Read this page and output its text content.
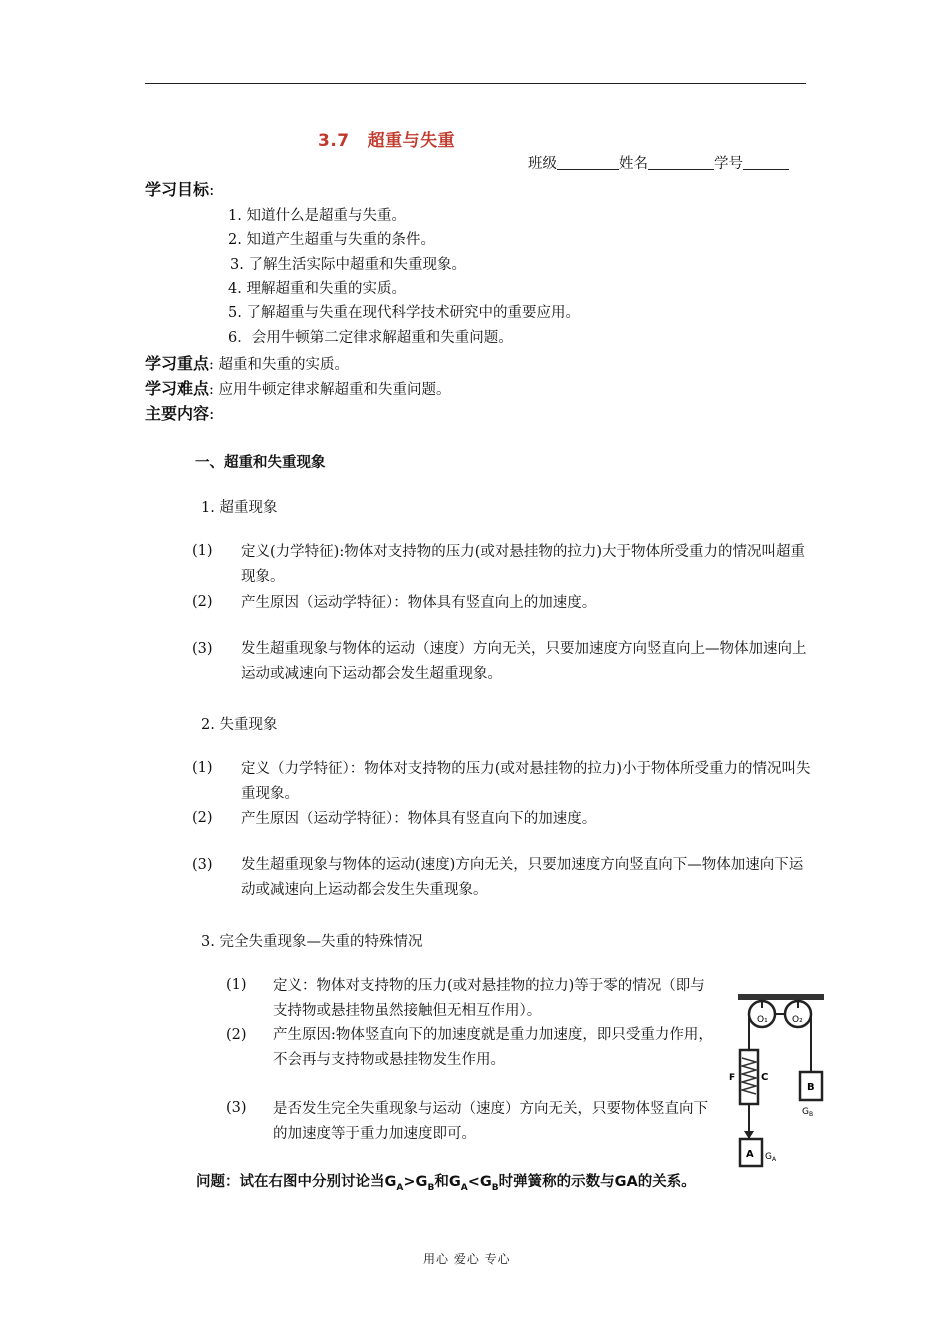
3.7 超重与失重
班级	姓名	学号
学习目标:
1. 知道什么是超重与失重。
2. 知道产生超重与失重的条件。
3. 了解生活实际中超重和失重现象。
4. 理解超重和失重的实质。
5. 了解超重与失重在现代科学技术研究中的重要应用。
6．会用牛顿第二定律求解超重和失重问题。
学习重点: 超重和失重的实质。
学习难点: 应用牛顿定律求解超重和失重问题。
主要内容:
一、超重和失重现象
1. 超重现象
(1) 定义(力学特征):物体对支持物的压力(或对悬挂物的拉力)大于物体所受重力的情况叫超重现象。
(2) 产生原因（运动学特征）：物体具有竖直向上的加速度。
(3) 发生超重现象与物体的运动（速度）方向无关，只要加速度方向竖直向上—物体加速向上运动或减速向下运动都会发生超重现象。
2. 失重现象
(1) 定义（力学特征）：物体对支持物的压力(或对悬挂物的拉力)小于物体所受重力的情况叫失重现象。
(2) 产生原因（运动学特征）：物体具有竖直向下的加速度。
(3) 发生超重现象与物体的运动(速度)方向无关，只要加速度方向竖直向下—物体加速向下运动或减速向上运动都会发生失重现象。
3. 完全失重现象—失重的特殊情况
(1) 定义：物体对支持物的压力(或对悬挂物的拉力)等于零的情况（即与支持物或悬挂物虽然接触但无相互作用）。
(2) 产生原因:物体竖直向下的加速度就是重力加速度，即只受重力作用，不会再与支持物或悬挂物发生作用。
(3) 是否发生完全失重现象与运动（速度）方向无关，只要物体竖直向下的加速度等于重力加速度即可。
O₁	O₂
F	C
A $G_A$
B
$G_B$
问题：试在右图中分别讨论当$G_A>G_B$和$G_A<G_B$时弹簧称的示数与GA的关系。
用心 爱心 专心
